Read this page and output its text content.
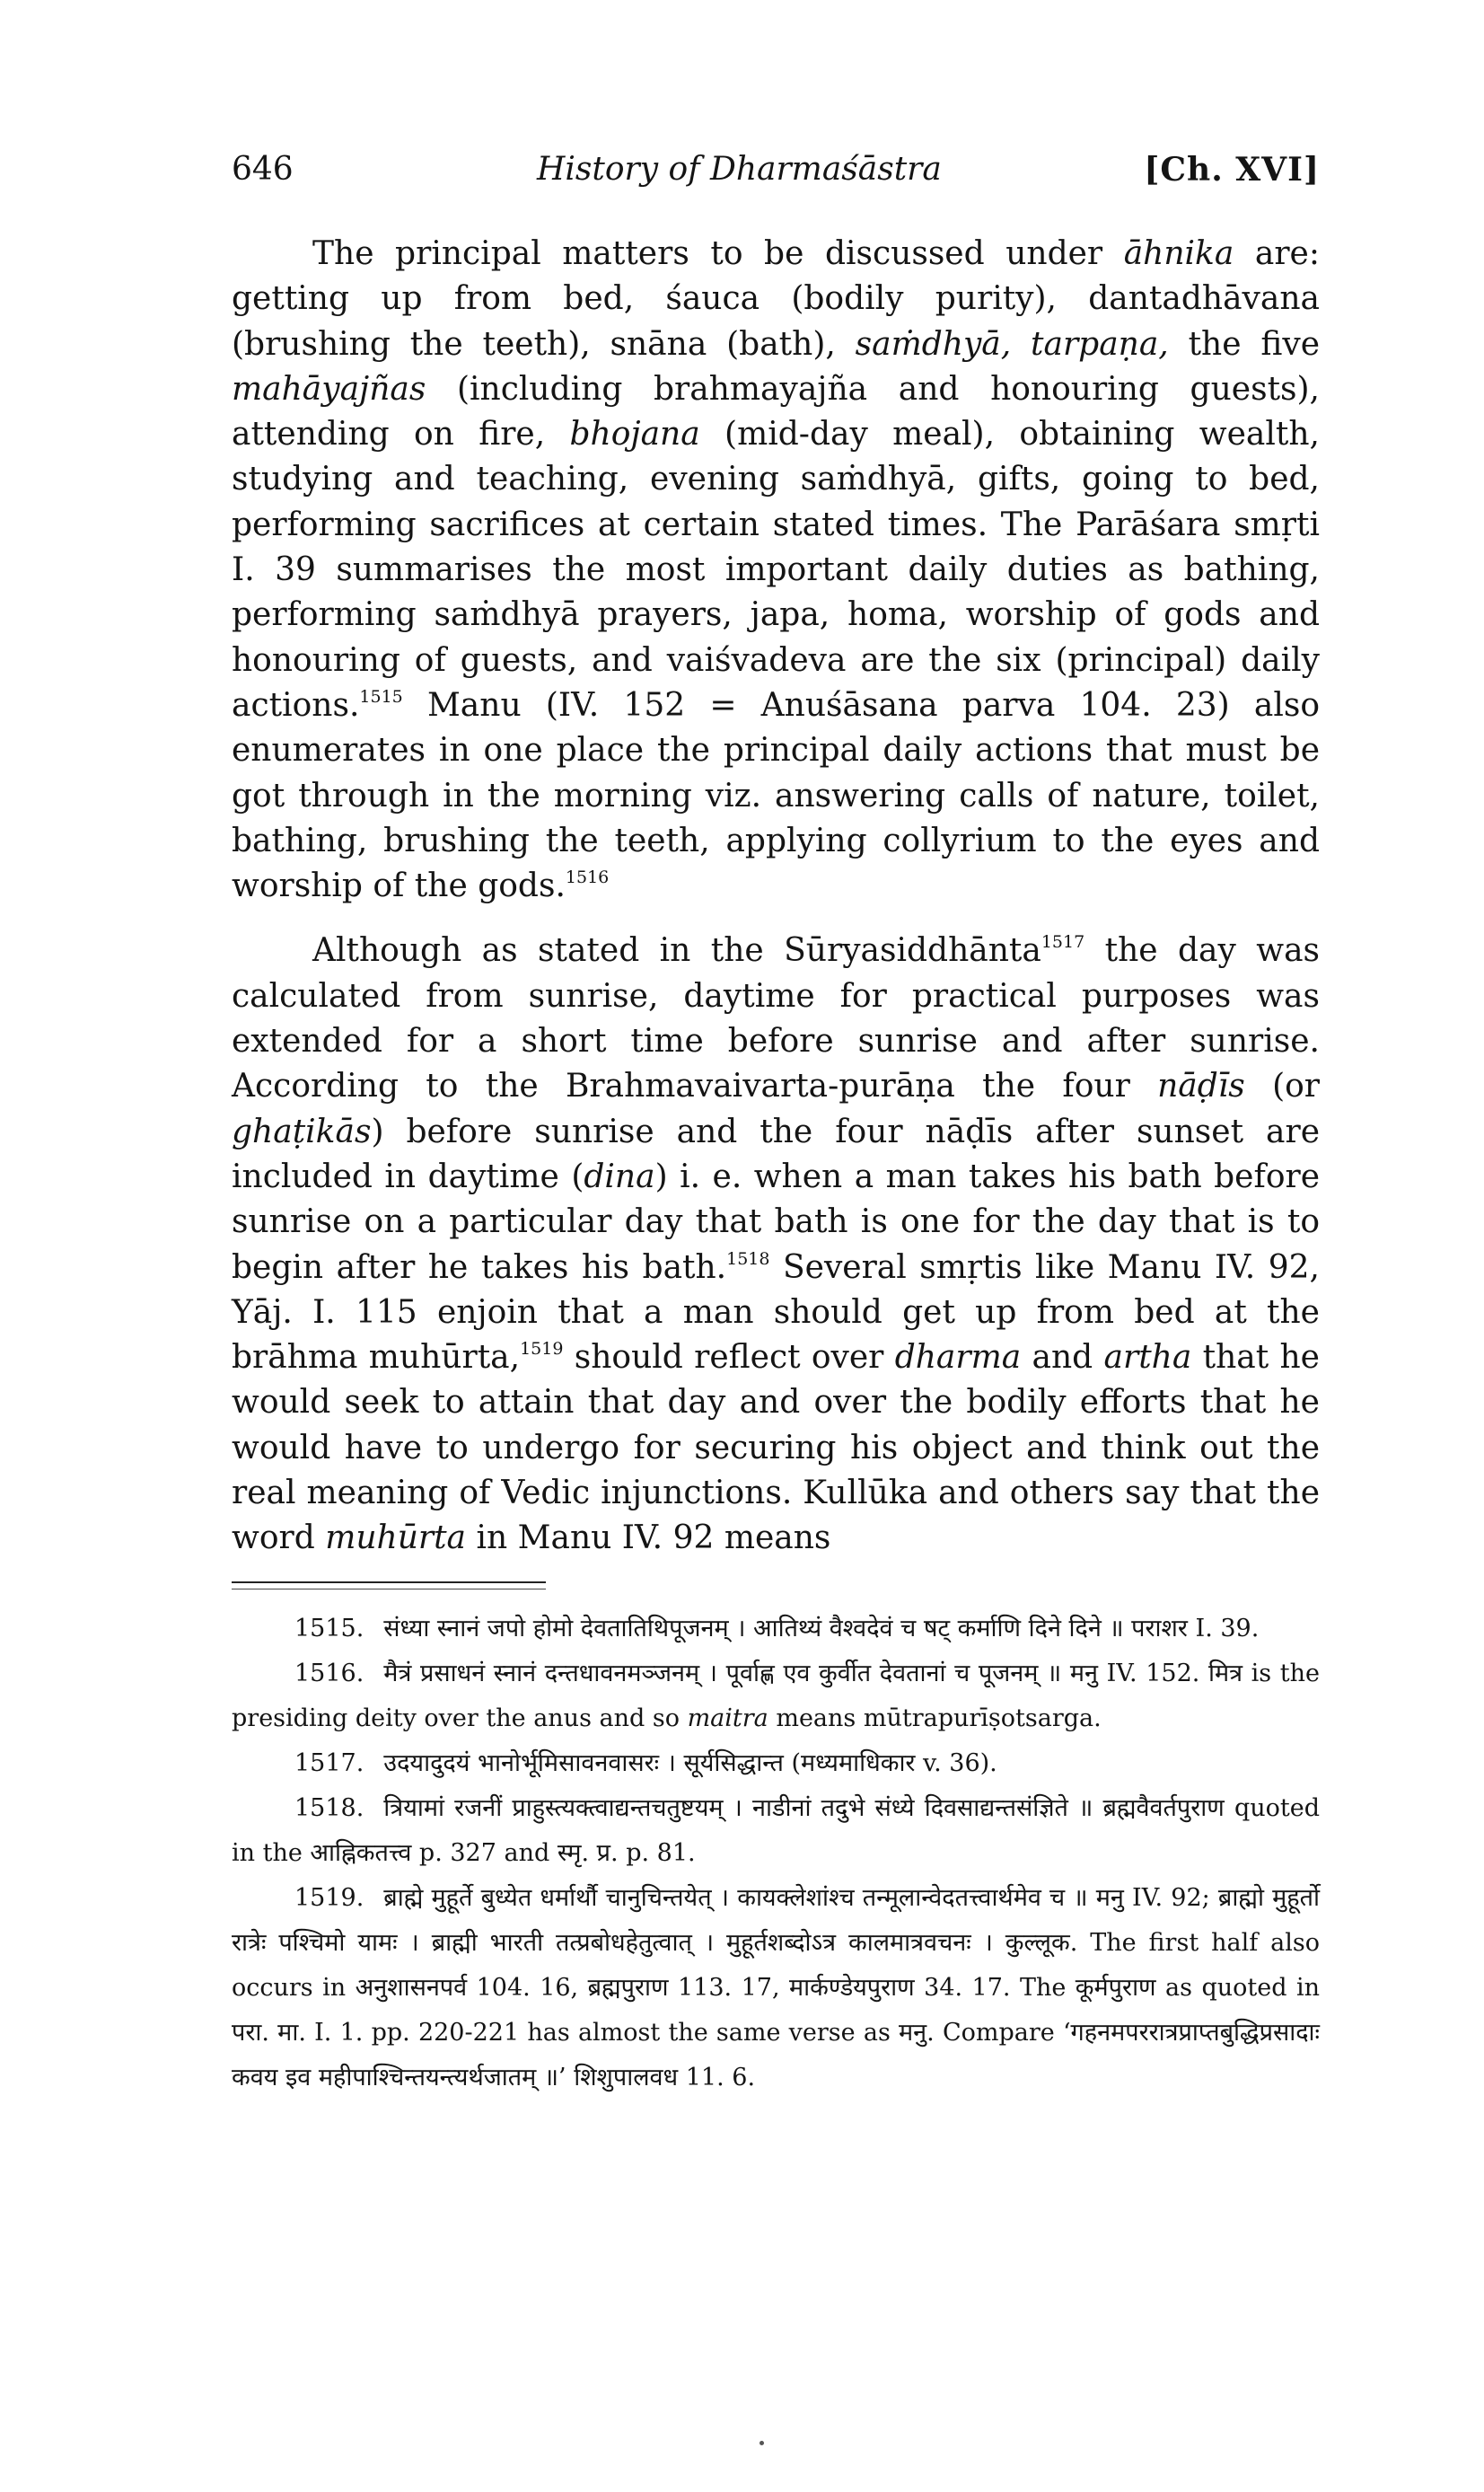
646	History of Dharmaśāstra	[Ch. XVI]

The principal matters to be discussed under āhnika are: getting up from bed, śauca (bodily purity), dantadhāvana (brushing the teeth), snāna (bath), saṁdhyā, tarpaṇa, the five mahāyajñas (including brahmayajña and honouring guests), attending on fire, bhojana (mid-day meal), obtaining wealth, studying and teaching, evening saṁdhyā, gifts, going to bed, performing sacrifices at certain stated times. The Parāśara smṛti I. 39 summarises the most important daily duties as bathing, performing saṁdhyā prayers, japa, homa, worship of gods and honouring of guests, and vaiśvadeva are the six (principal) daily actions.$^{1515}$ Manu (IV. 152 = Anuśāsana parva 104. 23) also enumerates in one place the principal daily actions that must be got through in the morning viz. answering calls of nature, toilet, bathing, brushing the teeth, applying collyrium to the eyes and worship of the gods.$^{1516}$

Although as stated in the Sūryasiddhānta$^{1517}$ the day was calculated from sunrise, daytime for practical purposes was extended for a short time before sunrise and after sunrise. According to the Brahmavaivarta-purāṇa the four nāḍīs (or ghaṭikās) before sunrise and the four nāḍīs after sunset are included in daytime (dina) i. e. when a man takes his bath before sunrise on a particular day that bath is one for the day that is to begin after he takes his bath.$^{1518}$ Several smṛtis like Manu IV. 92, Yāj. I. 115 enjoin that a man should get up from bed at the brāhma muhūrta,$^{1519}$ should reflect over dharma and artha that he would seek to attain that day and over the bodily efforts that he would have to undergo for securing his object and think out the real meaning of Vedic injunctions. Kullūka and others say that the word muhūrta in Manu IV. 92 means

1515. संध्या स्नानं जपो होमो देवतातिथिपूजनम् । आतिथ्यं वैश्वदेवं च षट् कर्माणि दिने दिने ॥ पराशर I. 39.

1516. मैत्रं प्रसाधनं स्नानं दन्तधावनमञ्जनम् । पूर्वाह्ण एव कुर्वीत देवतानां च पूजनम् ॥ मनु IV. 152. मित्र is the presiding deity over the anus and so maitra means mūtrapurīṣotsarga.

1517. उदयादुदयं भानोर्भूमिसावनवासरः । सूर्यसिद्धान्त (मध्यमाधिकार v. 36).

1518. त्रियामां रजनीं प्राहुस्त्यक्त्वाद्यन्तचतुष्टयम् । नाडीनां तदुभे संध्ये दिवसाद्यन्तसंज्ञिते ॥ ब्रह्मवैवर्तपुराण quoted in the आह्निकतत्त्व p. 327 and स्मृ. प्र. p. 81.

1519. ब्राह्मे मुहूर्ते बुध्येत धर्मार्थौ चानुचिन्तयेत् । कायक्लेशांश्च तन्मूलान्वेदतत्त्वार्थमेव च ॥ मनु IV. 92; ब्राह्मो मुहूर्तो रात्रेः पश्चिमो यामः । ब्राह्मी भारती तत्प्रबोधहेतुत्वात् । मुहूर्तशब्दोऽत्र कालमात्रवचनः । कुल्लूक. The first half also occurs in अनुशासनपर्व 104. 16, ब्रह्मपुराण 113. 17, मार्कण्डेयपुराण 34. 17. The कूर्मपुराण as quoted in परा. मा. I. 1. pp. 220-221 has almost the same verse as मनु. Compare ‘गहनमपररात्रप्राप्तबुद्धिप्रसादाः कवय इव महीपाश्चिन्तयन्त्यर्थजातम् ॥’ शिशुपालवध 11. 6.
